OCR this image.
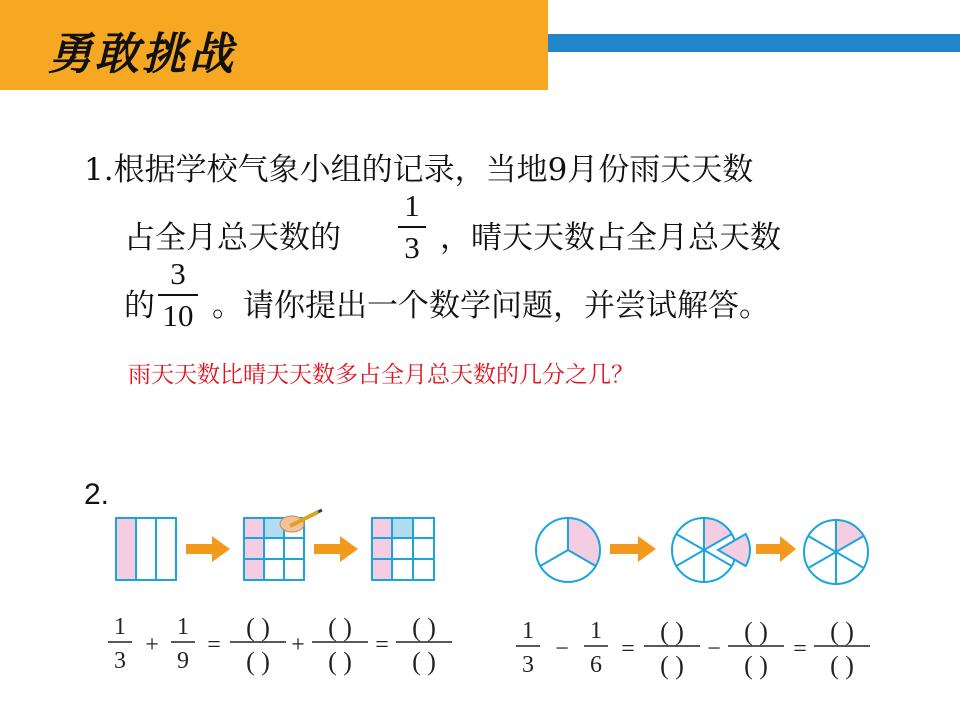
勇敢挑战
1.根据学校气象小组的记录，当地9月份雨天天数
占全月总天数的
1
3 ，晴天天数占全月总天数
的
3
10 。请你提出一个数学问题，并尝试解答。
雨天天数比晴天天数多占全月总天数的几分之几？
2.
1
3
+
1
9
=
( )
( )
+
( )
( )
=
( )
( )
1
3
−
1
6
=
( )
( )
−
( )
( )
=
( )
( )
